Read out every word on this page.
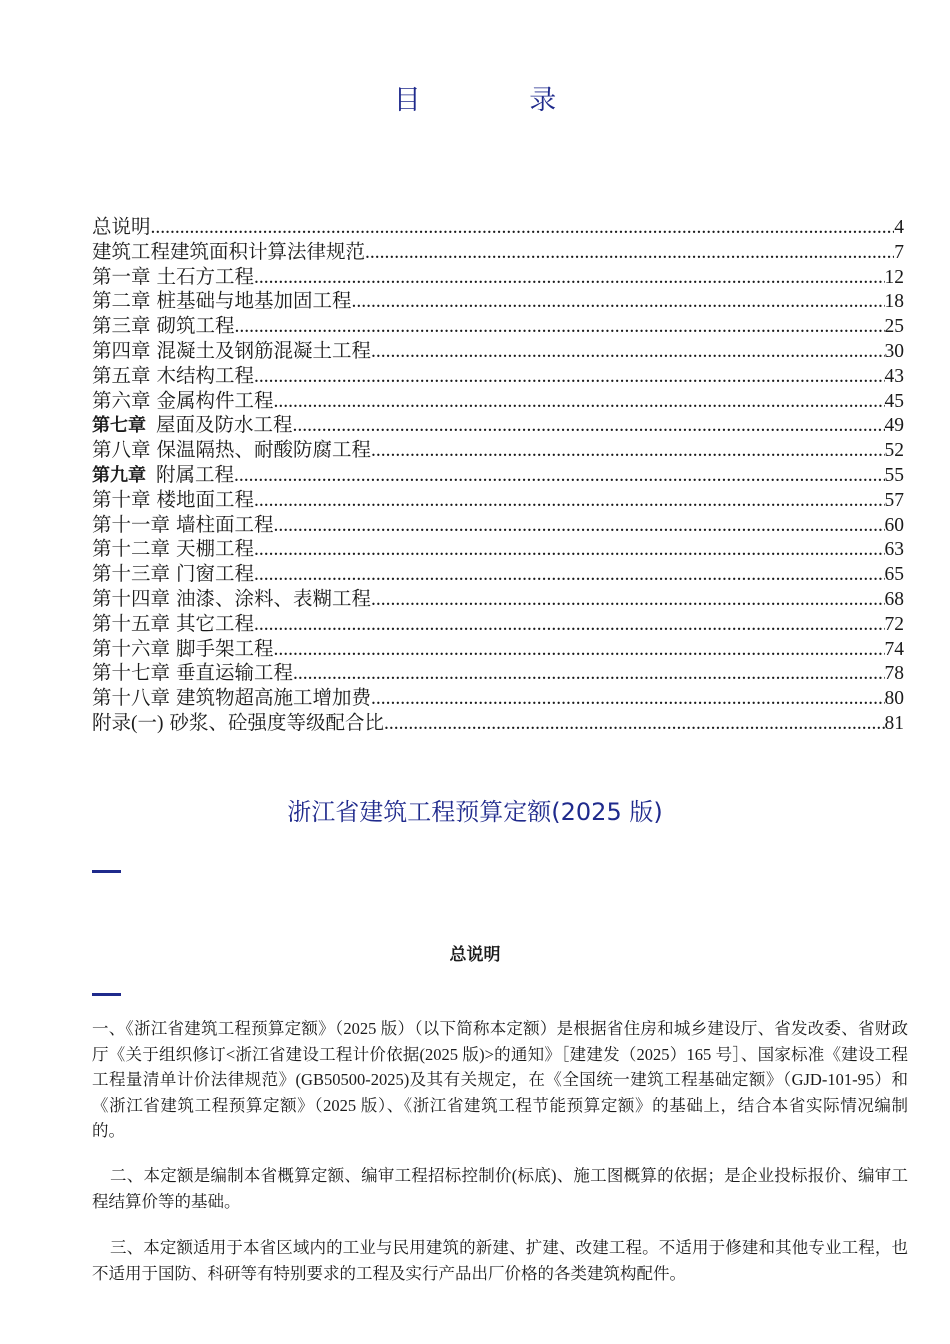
目 录
总说明 .....	4
建筑工程建筑面积计算法律规范 .....	7
第一章 土石方工程 .....	12
第二章 桩基础与地基加固工程 .....	18
第三章 砌筑工程 .....	25
第四章 混凝土及钢筋混凝土工程 .....	30
第五章 木结构工程 .....	43
第六章 金属构件工程 .....	45
第七章 屋面及防水工程 .....	49
第八章 保温隔热、耐酸防腐工程 .....	52
第九章 附属工程 .....	55
第十章 楼地面工程 .....	57
第十一章 墙柱面工程 .....	60
第十二章 天棚工程 .....	63
第十三章 门窗工程 .....	65
第十四章 油漆、涂料、表糊工程 .....	68
第十五章 其它工程 .....	72
第十六章 脚手架工程 .....	74
第十七章 垂直运输工程 .....	78
第十八章 建筑物超高施工增加费 .....	80
附录(一) 砂浆、砼强度等级配合比 .....	81
浙江省建筑工程预算定额(2025 版)
总说明

一、《浙江省建筑工程预算定额》（2025 版）（以下简称本定额）是根据省住房和城乡建设厅、省发改委、省财政厅《关于组织修订<浙江省建设工程计价依据(2025 版)>的通知》［建建发（2025）165 号］、国家标准《建设工程工程量清单计价法律规范》(GB50500-2025)及其有关规定，在《全国统一建筑工程基础定额》（GJD-101-95）和《浙江省建筑工程预算定额》（2025 版）、《浙江省建筑工程节能预算定额》的基础上，结合本省实际情况编制的。

二、本定额是编制本省概算定额、编审工程招标控制价(标底)、施工图概算的依据；是企业投标报价、编审工程结算价等的基础。

三、本定额适用于本省区域内的工业与民用建筑的新建、扩建、改建工程。不适用于修建和其他专业工程，也不适用于国防、科研等有特别要求的工程及实行产品出厂价格的各类建筑构配件。
